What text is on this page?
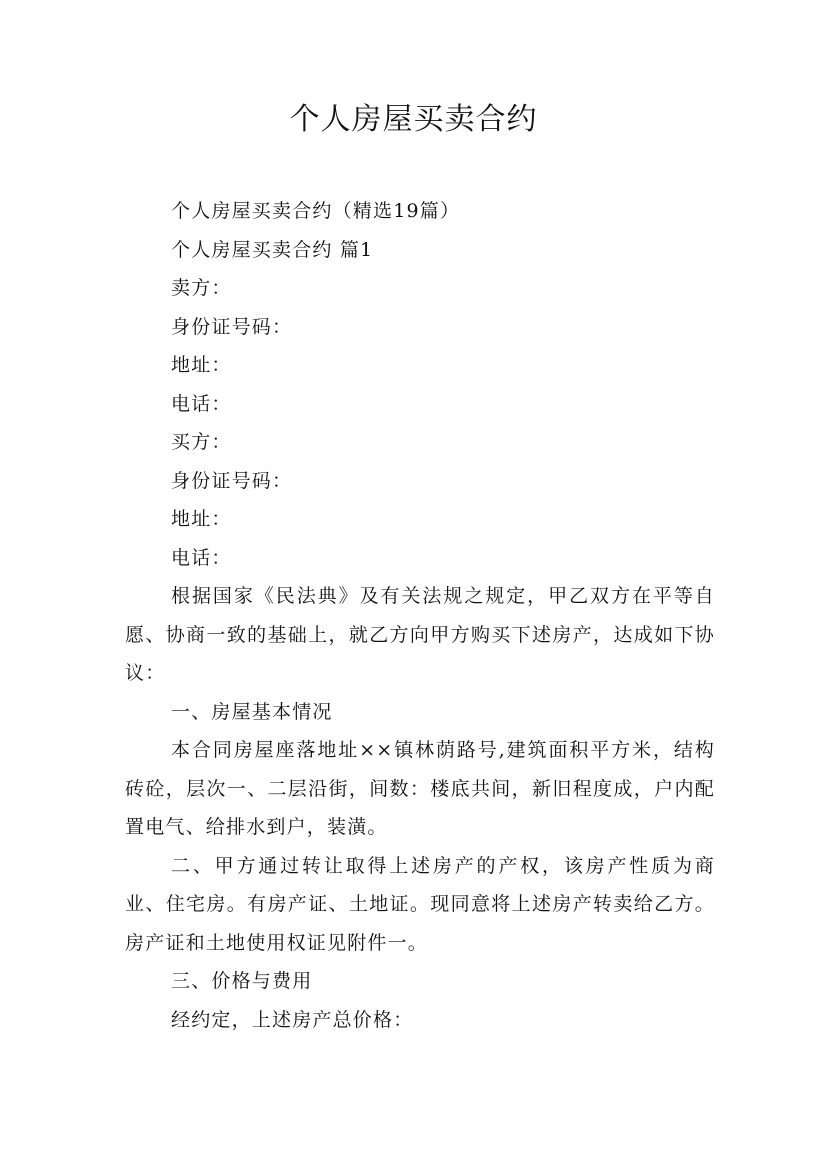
个人房屋买卖合约
个人房屋买卖合约（精选19篇）
个人房屋买卖合约 篇1
卖方：
身份证号码：
地址：
电话：
买方：
身份证号码：
地址：
电话：
根据国家《民法典》及有关法规之规定，甲乙双方在平等自愿、协商一致的基础上，就乙方向甲方购买下述房产，达成如下协议：
一、房屋基本情况
本合同房屋座落地址××镇林荫路号,建筑面积平方米，结构砖砼，层次一、二层沿街，间数：楼底共间，新旧程度成，户内配置电气、给排水到户，装潢。
二、甲方通过转让取得上述房产的产权，该房产性质为商业、住宅房。有房产证、土地证。现同意将上述房产转卖给乙方。房产证和土地使用权证见附件一。
三、价格与费用
经约定，上述房产总价格：
